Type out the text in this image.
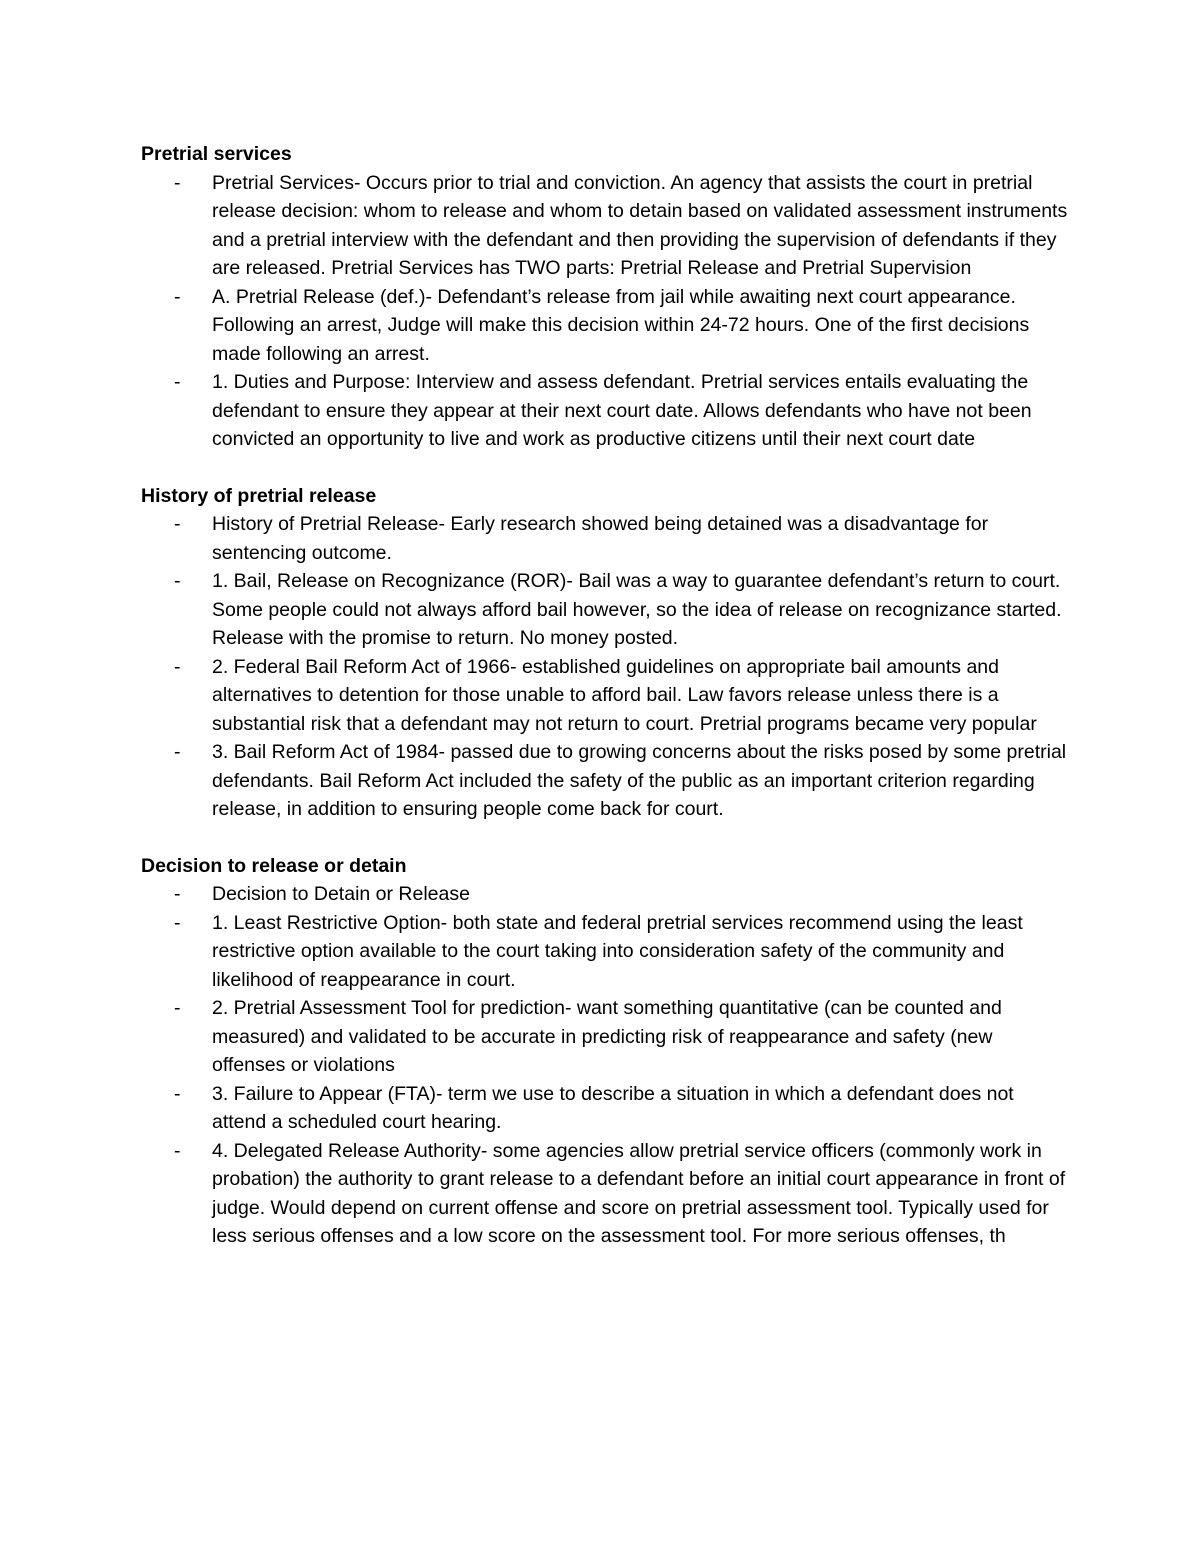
Pretrial services

- Pretrial Services- Occurs prior to trial and conviction. An agency that assists the court in pretrial release decision: whom to release and whom to detain based on validated assessment instruments and a pretrial interview with the defendant and then providing the supervision of defendants if they are released. Pretrial Services has TWO parts: Pretrial Release and Pretrial Supervision
- A. Pretrial Release (def.)- Defendant’s release from jail while awaiting next court appearance. Following an arrest, Judge will make this decision within 24-72 hours. One of the first decisions made following an arrest.
- 1. Duties and Purpose: Interview and assess defendant. Pretrial services entails evaluating the defendant to ensure they appear at their next court date. Allows defendants who have not been convicted an opportunity to live and work as productive citizens until their next court date

History of pretrial release

- History of Pretrial Release- Early research showed being detained was a disadvantage for sentencing outcome.
- 1. Bail, Release on Recognizance (ROR)- Bail was a way to guarantee defendant’s return to court. Some people could not always afford bail however, so the idea of release on recognizance started. Release with the promise to return. No money posted.
- 2. Federal Bail Reform Act of 1966- established guidelines on appropriate bail amounts and alternatives to detention for those unable to afford bail. Law favors release unless there is a substantial risk that a defendant may not return to court. Pretrial programs became very popular
- 3. Bail Reform Act of 1984- passed due to growing concerns about the risks posed by some pretrial defendants. Bail Reform Act included the safety of the public as an important criterion regarding release, in addition to ensuring people come back for court.

Decision to release or detain

- Decision to Detain or Release
- 1. Least Restrictive Option- both state and federal pretrial services recommend using the least restrictive option available to the court taking into consideration safety of the community and likelihood of reappearance in court.
- 2. Pretrial Assessment Tool for prediction- want something quantitative (can be counted and measured) and validated to be accurate in predicting risk of reappearance and safety (new offenses or violations
- 3. Failure to Appear (FTA)- term we use to describe a situation in which a defendant does not attend a scheduled court hearing.
- 4. Delegated Release Authority- some agencies allow pretrial service officers (commonly work in probation) the authority to grant release to a defendant before an initial court appearance in front of judge. Would depend on current offense and score on pretrial assessment tool. Typically used for less serious offenses and a low score on the assessment tool. For more serious offenses, th
